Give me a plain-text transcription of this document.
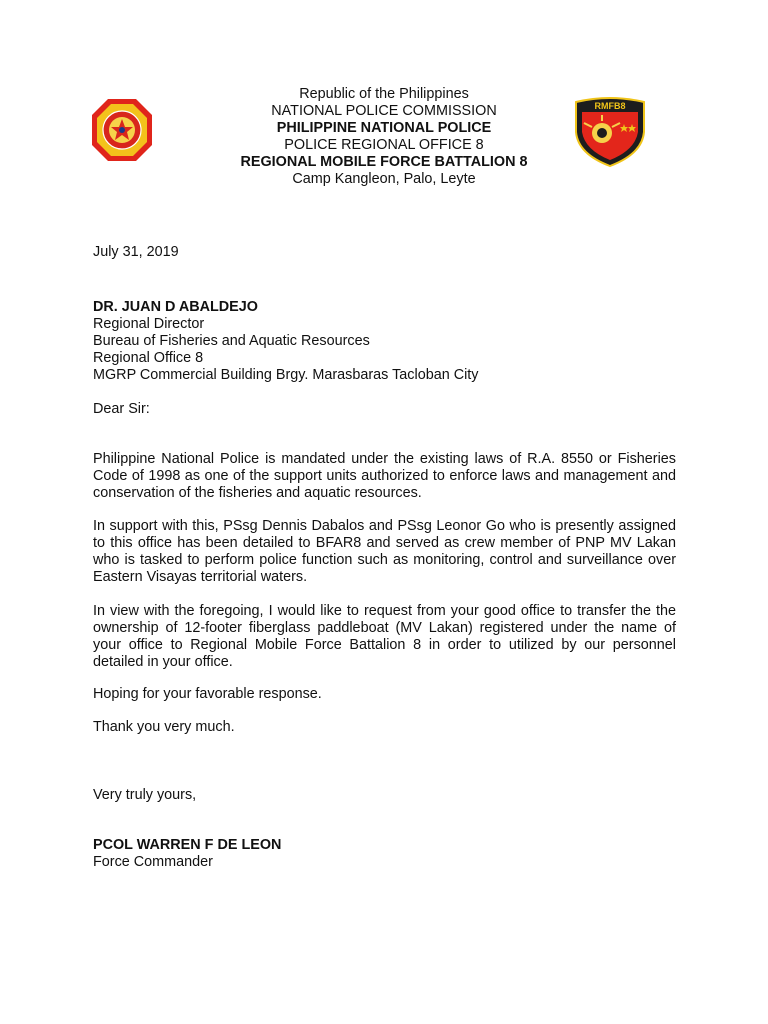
Republic of the Philippines
NATIONAL POLICE COMMISSION
PHILIPPINE NATIONAL POLICE
POLICE REGIONAL OFFICE 8
REGIONAL MOBILE FORCE BATTALION 8
Camp Kangleon, Palo, Leyte
RMFB8
July 31, 2019
DR. JUAN D ABALDEJO
Regional Director
Bureau of Fisheries and Aquatic Resources
Regional Office 8
MGRP Commercial Building Brgy. Marasbaras Tacloban City
Dear Sir:
Philippine National Police is mandated under the existing laws of R.A. 8550 or Fisheries Code of 1998 as one of the support units authorized to enforce laws and management and conservation of the fisheries and aquatic resources.
In support with this, PSsg Dennis Dabalos and PSsg Leonor Go who is presently assigned to this office has been detailed to BFAR8 and served as crew member of PNP MV Lakan who is tasked to perform police function such as monitoring, control and surveillance over Eastern Visayas territorial waters.
In view with the foregoing, I would like to request from your good office to transfer the the ownership of 12-footer fiberglass paddleboat (MV Lakan) registered under the name of your office to Regional Mobile Force Battalion 8 in order to utilized by our personnel detailed in your office.
Hoping for your favorable response.
Thank you very much.
Very truly yours,
PCOL WARREN F DE LEON
Force Commander
